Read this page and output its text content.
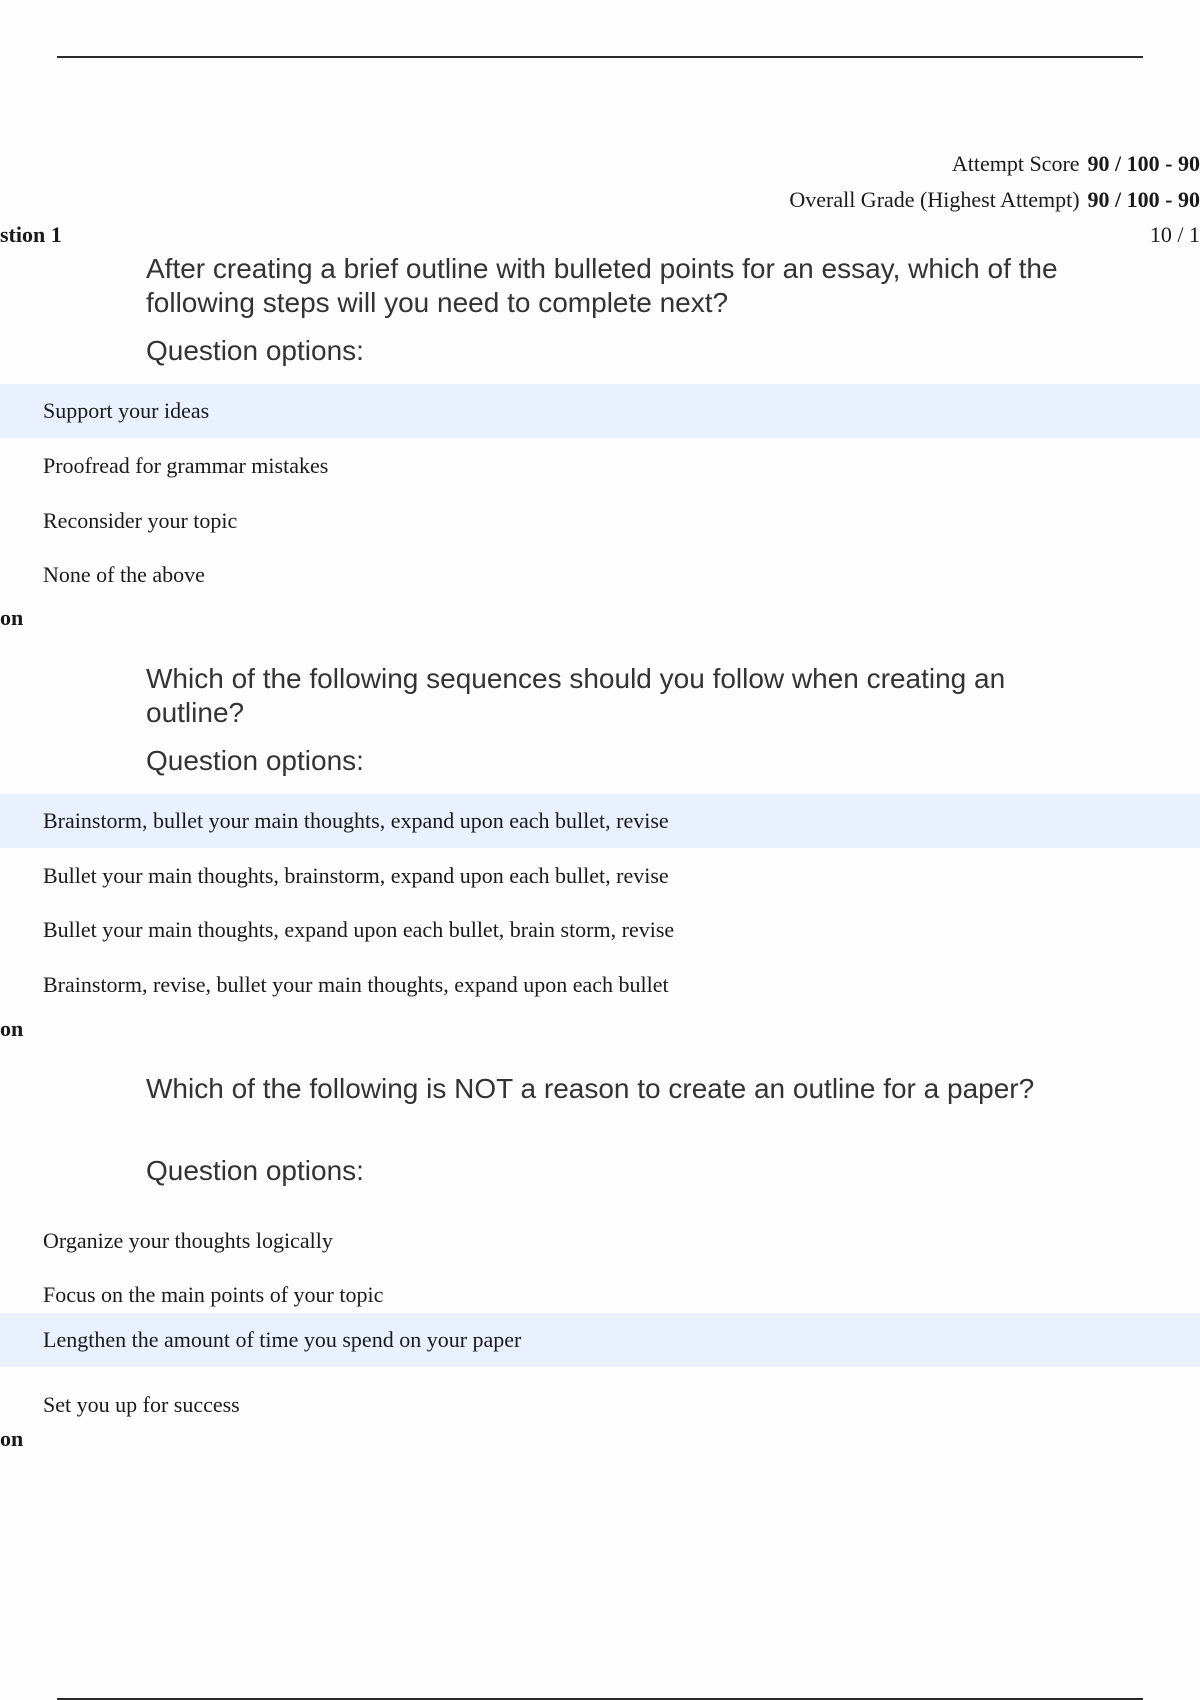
Attempt Score 90 / 100 - 90
Overall Grade (Highest Attempt) 90 / 100 - 90
stion 1	10 / 1
After creating a brief outline with bulleted points for an essay, which of the following steps will you need to complete next?
Question options:
Support your ideas
Proofread for grammar mistakes
Reconsider your topic
None of the above
on
Which of the following sequences should you follow when creating an outline?
Question options:
Brainstorm, bullet your main thoughts, expand upon each bullet, revise
Bullet your main thoughts, brainstorm, expand upon each bullet, revise
Bullet your main thoughts, expand upon each bullet, brain storm, revise
Brainstorm, revise, bullet your main thoughts, expand upon each bullet
on
Which of the following is NOT a reason to create an outline for a paper?
Question options:
Organize your thoughts logically
Focus on the main points of your topic
Lengthen the amount of time you spend on your paper
Set you up for success
on
